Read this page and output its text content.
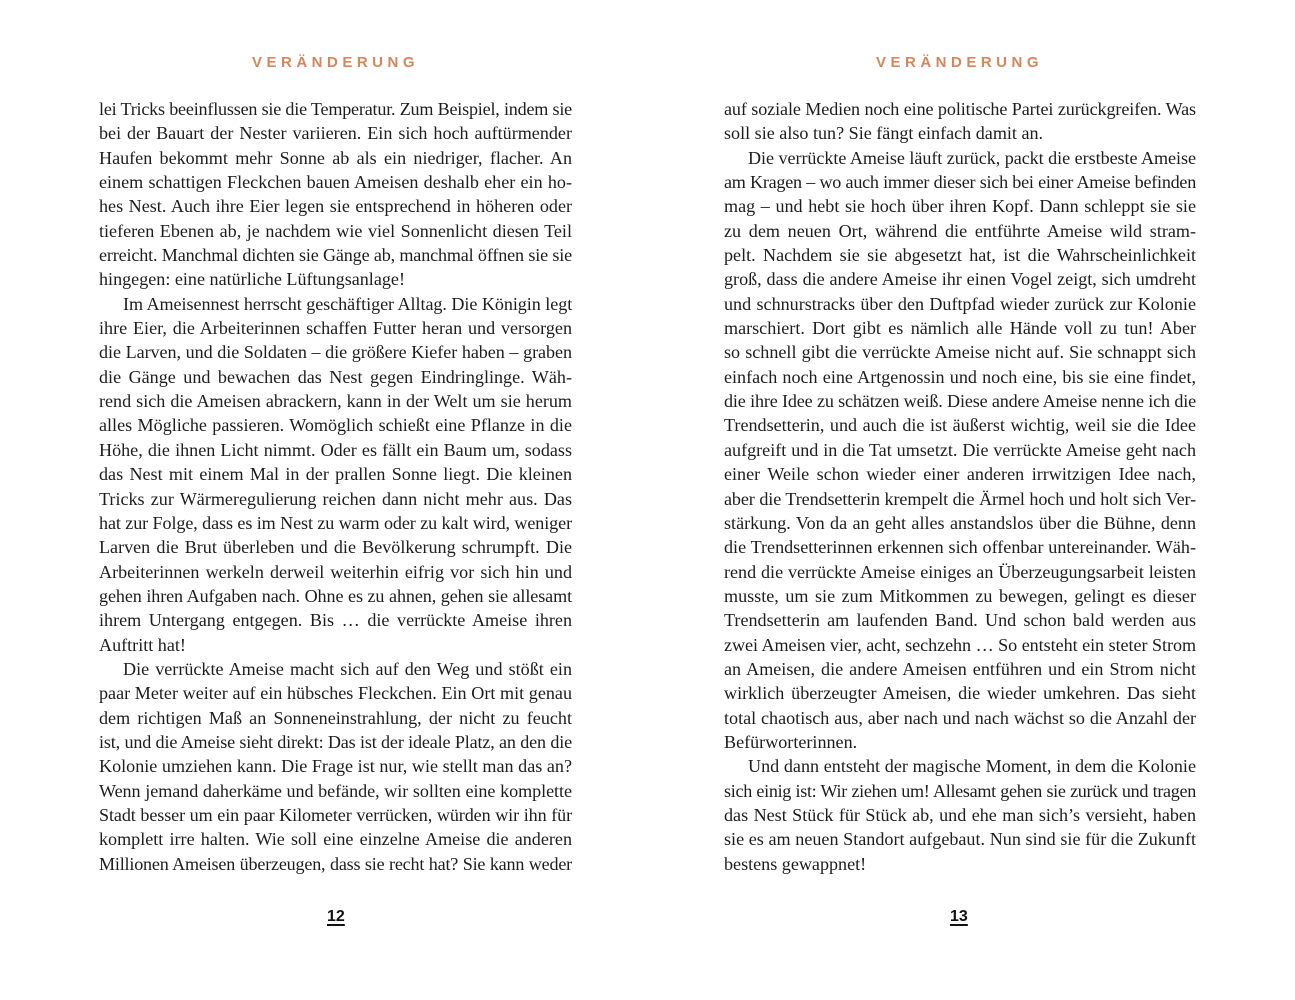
VERÄNDERUNG
lei Tricks beeinflussen sie die Temperatur. Zum Beispiel, indem sie
bei der Bauart der Nester variieren. Ein sich hoch auftürmender
Haufen bekommt mehr Sonne ab als ein niedriger, flacher. An
einem schattigen Fleckchen bauen Ameisen deshalb eher ein ho-
hes Nest. Auch ihre Eier legen sie entsprechend in höheren oder
tieferen Ebenen ab, je nachdem wie viel Sonnenlicht diesen Teil
erreicht. Manchmal dichten sie Gänge ab, manchmal öffnen sie sie
hingegen: eine natürliche Lüftungsanlage!
Im Ameisennest herrscht geschäftiger Alltag. Die Königin legt
ihre Eier, die Arbeiterinnen schaffen Futter heran und versorgen
die Larven, und die Soldaten – die größere Kiefer haben – graben
die Gänge und bewachen das Nest gegen Eindringlinge. Wäh-
rend sich die Ameisen abrackern, kann in der Welt um sie herum
alles Mögliche passieren. Womöglich schießt eine Pflanze in die
Höhe, die ihnen Licht nimmt. Oder es fällt ein Baum um, sodass
das Nest mit einem Mal in der prallen Sonne liegt. Die kleinen
Tricks zur Wärmeregulierung reichen dann nicht mehr aus. Das
hat zur Folge, dass es im Nest zu warm oder zu kalt wird, weniger
Larven die Brut überleben und die Bevölkerung schrumpft. Die
Arbeiterinnen werkeln derweil weiterhin eifrig vor sich hin und
gehen ihren Aufgaben nach. Ohne es zu ahnen, gehen sie allesamt
ihrem Untergang entgegen. Bis … die verrückte Ameise ihren
Auftritt hat!
Die verrückte Ameise macht sich auf den Weg und stößt ein
paar Meter weiter auf ein hübsches Fleckchen. Ein Ort mit genau
dem richtigen Maß an Sonneneinstrahlung, der nicht zu feucht
ist, und die Ameise sieht direkt: Das ist der ideale Platz, an den die
Kolonie umziehen kann. Die Frage ist nur, wie stellt man das an?
Wenn jemand daherkäme und befände, wir sollten eine komplette
Stadt besser um ein paar Kilometer verrücken, würden wir ihn für
komplett irre halten. Wie soll eine einzelne Ameise die anderen
Millionen Ameisen überzeugen, dass sie recht hat? Sie kann weder
12
VERÄNDERUNG
auf soziale Medien noch eine politische Partei zurückgreifen. Was
soll sie also tun? Sie fängt einfach damit an.
Die verrückte Ameise läuft zurück, packt die erstbeste Ameise
am Kragen – wo auch immer dieser sich bei einer Ameise befinden
mag – und hebt sie hoch über ihren Kopf. Dann schleppt sie sie
zu dem neuen Ort, während die entführte Ameise wild stram-
pelt. Nachdem sie sie abgesetzt hat, ist die Wahrscheinlichkeit
groß, dass die andere Ameise ihr einen Vogel zeigt, sich umdreht
und schnurstracks über den Duftpfad wieder zurück zur Kolonie
marschiert. Dort gibt es nämlich alle Hände voll zu tun! Aber
so schnell gibt die verrückte Ameise nicht auf. Sie schnappt sich
einfach noch eine Artgenossin und noch eine, bis sie eine findet,
die ihre Idee zu schätzen weiß. Diese andere Ameise nenne ich die
Trendsetterin, und auch die ist äußerst wichtig, weil sie die Idee
aufgreift und in die Tat umsetzt. Die verrückte Ameise geht nach
einer Weile schon wieder einer anderen irrwitzigen Idee nach,
aber die Trendsetterin krempelt die Ärmel hoch und holt sich Ver-
stärkung. Von da an geht alles anstandslos über die Bühne, denn
die Trendsetterinnen erkennen sich offenbar untereinander. Wäh-
rend die verrückte Ameise einiges an Überzeugungsarbeit leisten
musste, um sie zum Mitkommen zu bewegen, gelingt es dieser
Trendsetterin am laufenden Band. Und schon bald werden aus
zwei Ameisen vier, acht, sechzehn … So entsteht ein steter Strom
an Ameisen, die andere Ameisen entführen und ein Strom nicht
wirklich überzeugter Ameisen, die wieder umkehren. Das sieht
total chaotisch aus, aber nach und nach wächst so die Anzahl der
Befürworterinnen.
Und dann entsteht der magische Moment, in dem die Kolonie
sich einig ist: Wir ziehen um! Allesamt gehen sie zurück und tragen
das Nest Stück für Stück ab, und ehe man sich’s versieht, haben
sie es am neuen Standort aufgebaut. Nun sind sie für die Zukunft
bestens gewappnet!
13
